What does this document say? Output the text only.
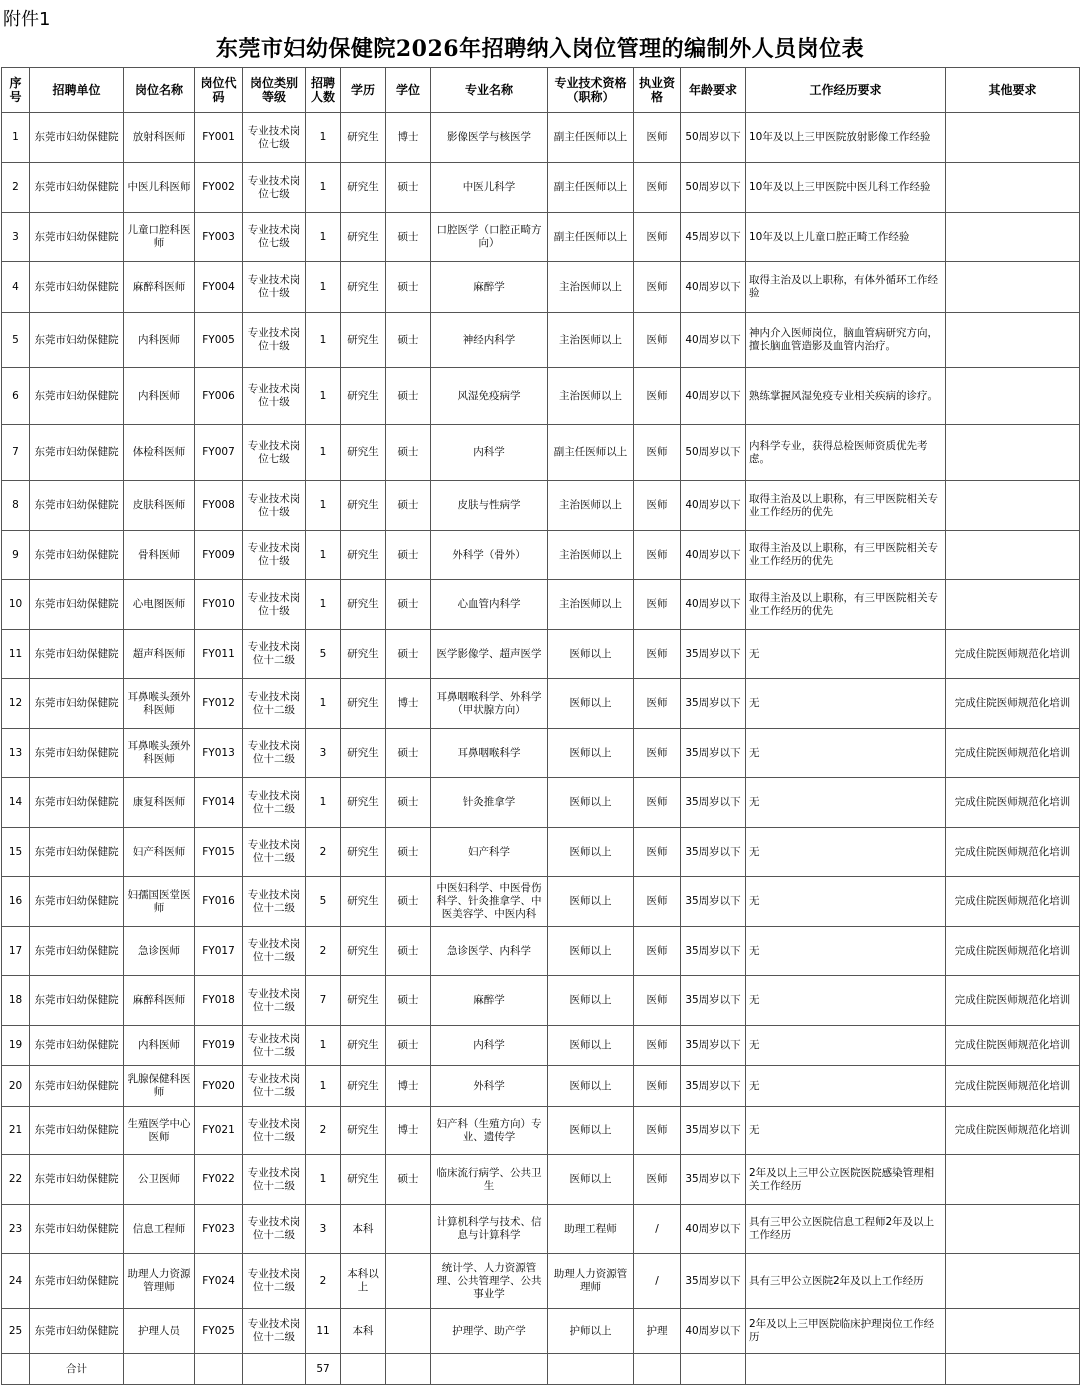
附件1
东莞市妇幼保健院2026年招聘纳入岗位管理的编制外人员岗位表
序号	招聘单位	岗位名称	岗位代码	岗位类别等级	招聘人数	学历	学位	专业名称	专业技术资格（职称）	执业资格	年龄要求	工作经历要求	其他要求
1	东莞市妇幼保健院	放射科医师	FY001	专业技术岗位七级	1	研究生	博士	影像医学与核医学	副主任医师以上	医师	50周岁以下	10年及以上三甲医院放射影像工作经验	
2	东莞市妇幼保健院	中医儿科医师	FY002	专业技术岗位七级	1	研究生	硕士	中医儿科学	副主任医师以上	医师	50周岁以下	10年及以上三甲医院中医儿科工作经验	
3	东莞市妇幼保健院	儿童口腔科医师	FY003	专业技术岗位七级	1	研究生	硕士	口腔医学（口腔正畸方向）	副主任医师以上	医师	45周岁以下	10年及以上儿童口腔正畸工作经验	
4	东莞市妇幼保健院	麻醉科医师	FY004	专业技术岗位十级	1	研究生	硕士	麻醉学	主治医师以上	医师	40周岁以下	取得主治及以上职称，有体外循环工作经验	
5	东莞市妇幼保健院	内科医师	FY005	专业技术岗位十级	1	研究生	硕士	神经内科学	主治医师以上	医师	40周岁以下	神内介入医师岗位，脑血管病研究方向，擅长脑血管造影及血管内治疗。	
6	东莞市妇幼保健院	内科医师	FY006	专业技术岗位十级	1	研究生	硕士	风湿免疫病学	主治医师以上	医师	40周岁以下	熟练掌握风湿免疫专业相关疾病的诊疗。	
7	东莞市妇幼保健院	体检科医师	FY007	专业技术岗位七级	1	研究生	硕士	内科学	副主任医师以上	医师	50周岁以下	内科学专业，获得总检医师资质优先考虑。	
8	东莞市妇幼保健院	皮肤科医师	FY008	专业技术岗位十级	1	研究生	硕士	皮肤与性病学	主治医师以上	医师	40周岁以下	取得主治及以上职称，有三甲医院相关专业工作经历的优先	
9	东莞市妇幼保健院	骨科医师	FY009	专业技术岗位十级	1	研究生	硕士	外科学（骨外）	主治医师以上	医师	40周岁以下	取得主治及以上职称，有三甲医院相关专业工作经历的优先	
10	东莞市妇幼保健院	心电图医师	FY010	专业技术岗位十级	1	研究生	硕士	心血管内科学	主治医师以上	医师	40周岁以下	取得主治及以上职称，有三甲医院相关专业工作经历的优先	
11	东莞市妇幼保健院	超声科医师	FY011	专业技术岗位十二级	5	研究生	硕士	医学影像学、超声医学	医师以上	医师	35周岁以下	无	完成住院医师规范化培训
12	东莞市妇幼保健院	耳鼻喉头颈外科医师	FY012	专业技术岗位十二级	1	研究生	博士	耳鼻咽喉科学、外科学（甲状腺方向）	医师以上	医师	35周岁以下	无	完成住院医师规范化培训
13	东莞市妇幼保健院	耳鼻喉头颈外科医师	FY013	专业技术岗位十二级	3	研究生	硕士	耳鼻咽喉科学	医师以上	医师	35周岁以下	无	完成住院医师规范化培训
14	东莞市妇幼保健院	康复科医师	FY014	专业技术岗位十二级	1	研究生	硕士	针灸推拿学	医师以上	医师	35周岁以下	无	完成住院医师规范化培训
15	东莞市妇幼保健院	妇产科医师	FY015	专业技术岗位十二级	2	研究生	硕士	妇产科学	医师以上	医师	35周岁以下	无	完成住院医师规范化培训
16	东莞市妇幼保健院	妇孺国医堂医师	FY016	专业技术岗位十二级	5	研究生	硕士	中医妇科学、中医骨伤科学、针灸推拿学、中医美容学、中医内科	医师以上	医师	35周岁以下	无	完成住院医师规范化培训
17	东莞市妇幼保健院	急诊医师	FY017	专业技术岗位十二级	2	研究生	硕士	急诊医学、内科学	医师以上	医师	35周岁以下	无	完成住院医师规范化培训
18	东莞市妇幼保健院	麻醉科医师	FY018	专业技术岗位十二级	7	研究生	硕士	麻醉学	医师以上	医师	35周岁以下	无	完成住院医师规范化培训
19	东莞市妇幼保健院	内科医师	FY019	专业技术岗位十二级	1	研究生	硕士	内科学	医师以上	医师	35周岁以下	无	完成住院医师规范化培训
20	东莞市妇幼保健院	乳腺保健科医师	FY020	专业技术岗位十二级	1	研究生	博士	外科学	医师以上	医师	35周岁以下	无	完成住院医师规范化培训
21	东莞市妇幼保健院	生殖医学中心医师	FY021	专业技术岗位十二级	2	研究生	博士	妇产科（生殖方向）专业、遗传学	医师以上	医师	35周岁以下	无	完成住院医师规范化培训
22	东莞市妇幼保健院	公卫医师	FY022	专业技术岗位十二级	1	研究生	硕士	临床流行病学、公共卫生	医师以上	医师	35周岁以下	2年及以上三甲公立医院医院感染管理相关工作经历	
23	东莞市妇幼保健院	信息工程师	FY023	专业技术岗位十二级	3	本科		计算机科学与技术、信息与计算科学	助理工程师	/	40周岁以下	具有三甲公立医院信息工程师2年及以上工作经历	
24	东莞市妇幼保健院	助理人力资源管理师	FY024	专业技术岗位十二级	2	本科以上		统计学、人力资源管理、公共管理学、公共事业学	助理人力资源管理师	/	35周岁以下	具有三甲公立医院2年及以上工作经历	
25	东莞市妇幼保健院	护理人员	FY025	专业技术岗位十二级	11	本科		护理学、助产学	护师以上	护理	40周岁以下	2年及以上三甲医院临床护理岗位工作经历	
	合计				57								
